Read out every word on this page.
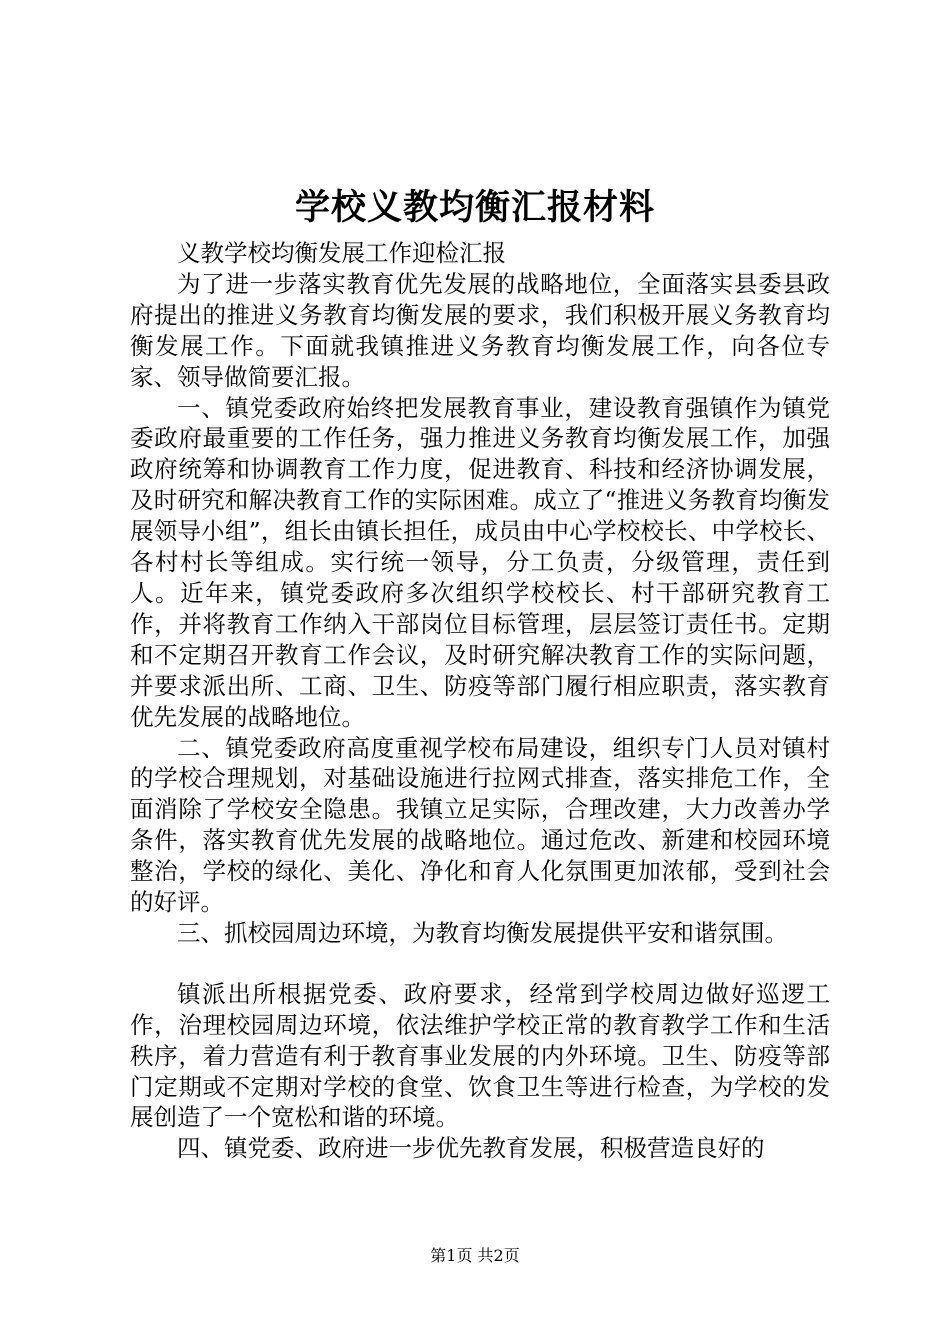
学校义教均衡汇报材料

义教学校均衡发展工作迎检汇报

为了进一步落实教育优先发展的战略地位，全面落实县委县政府提出的推进义务教育均衡发展的要求，我们积极开展义务教育均衡发展工作。下面就我镇推进义务教育均衡发展工作，向各位专家、领导做简要汇报。

一、镇党委政府始终把发展教育事业，建设教育强镇作为镇党委政府最重要的工作任务，强力推进义务教育均衡发展工作，加强政府统筹和协调教育工作力度，促进教育、科技和经济协调发展，及时研究和解决教育工作的实际困难。成立了“推进义务教育均衡发展领导小组”，组长由镇长担任，成员由中心学校校长、中学校长、各村村长等组成。实行统一领导，分工负责，分级管理，责任到人。近年来，镇党委政府多次组织学校校长、村干部研究教育工作，并将教育工作纳入干部岗位目标管理，层层签订责任书。定期和不定期召开教育工作会议，及时研究解决教育工作的实际问题，并要求派出所、工商、卫生、防疫等部门履行相应职责，落实教育优先发展的战略地位。

二、镇党委政府高度重视学校布局建设，组织专门人员对镇村的学校合理规划，对基础设施进行拉网式排查，落实排危工作，全面消除了学校安全隐患。我镇立足实际，合理改建，大力改善办学条件，落实教育优先发展的战略地位。通过危改、新建和校园环境整治，学校的绿化、美化、净化和育人化氛围更加浓郁，受到社会的好评。

三、抓校园周边环境，为教育均衡发展提供平安和谐氛围。

镇派出所根据党委、政府要求，经常到学校周边做好巡逻工作，治理校园周边环境，依法维护学校正常的教育教学工作和生活秩序，着力营造有利于教育事业发展的内外环境。卫生、防疫等部门定期或不定期对学校的食堂、饮食卫生等进行检查，为学校的发展创造了一个宽松和谐的环境。

四、镇党委、政府进一步优先教育发展，积极营造良好的

第1页 共2页
